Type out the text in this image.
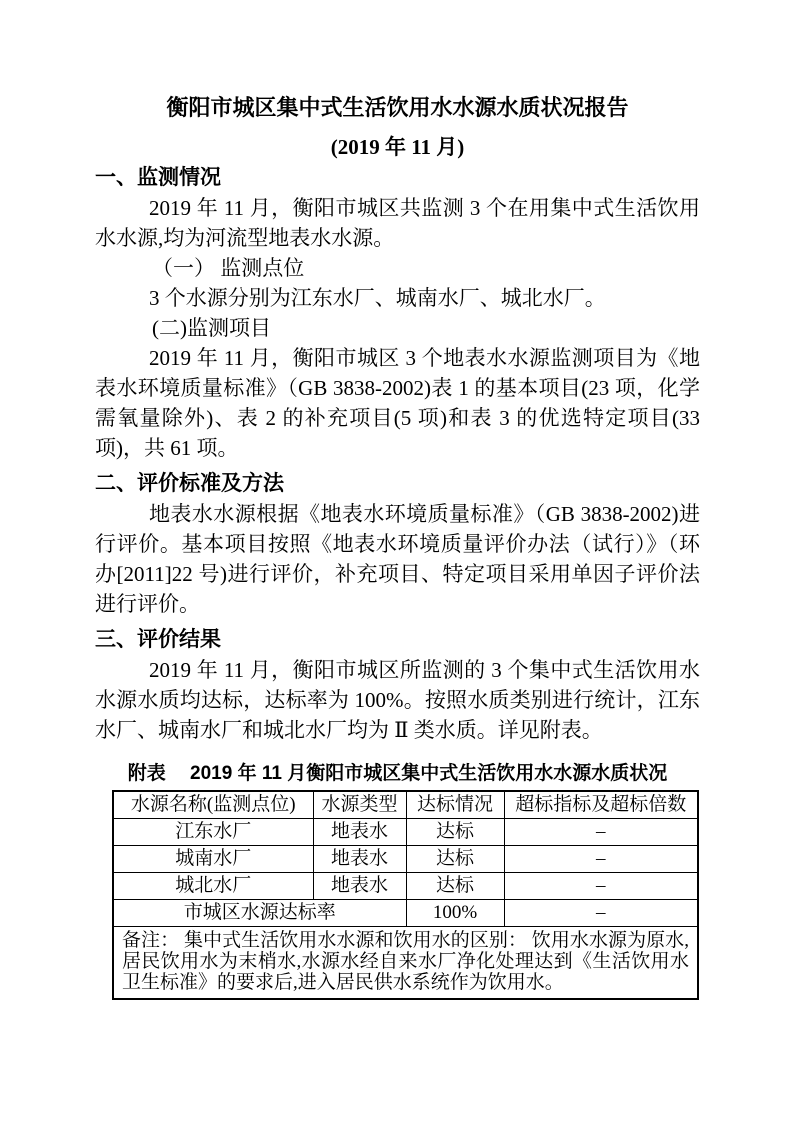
衡阳市城区集中式生活饮用水水源水质状况报告
(2019 年 11 月)
一、监测情况

2019 年 11 月，衡阳市城区共监测 3 个在用集中式生活饮用水水源,均为河流型地表水水源。

（一） 监测点位

3 个水源分别为江东水厂、城南水厂、城北水厂。

(二)监测项目

2019 年 11 月，衡阳市城区 3 个地表水水源监测项目为《地表水环境质量标准》（GB 3838-2002)表 1 的基本项目(23 项，化学需氧量除外)、表 2 的补充项目(5 项)和表 3 的优选特定项目(33 项)，共 61 项。

二、评价标准及方法

地表水水源根据《地表水环境质量标准》（GB 3838-2002)进行评价。基本项目按照《地表水环境质量评价办法（试行）》（环办[2011]22 号)进行评价，补充项目、特定项目采用单因子评价法进行评价。

三、评价结果

2019 年 11 月，衡阳市城区所监测的 3 个集中式生活饮用水水源水质均达标，达标率为 100%。按照水质类别进行统计，江东水厂、城南水厂和城北水厂均为 Ⅱ 类水质。详见附表。

附表　 2019 年 11 月衡阳市城区集中式生活饮用水水源水质状况
水源名称(监测点位)	水源类型	达标情况	超标指标及超标倍数
江东水厂	地表水	达标	–
城南水厂	地表水	达标	–
城北水厂	地表水	达标	–
市城区水源达标率		100%	–
备注： 集中式生活饮用水水源和饮用水的区别： 饮用水水源为原水,居民饮用水为末梢水,水源水经自来水厂净化处理达到《生活饮用水卫生标准》的要求后,进入居民供水系统作为饮用水。			
